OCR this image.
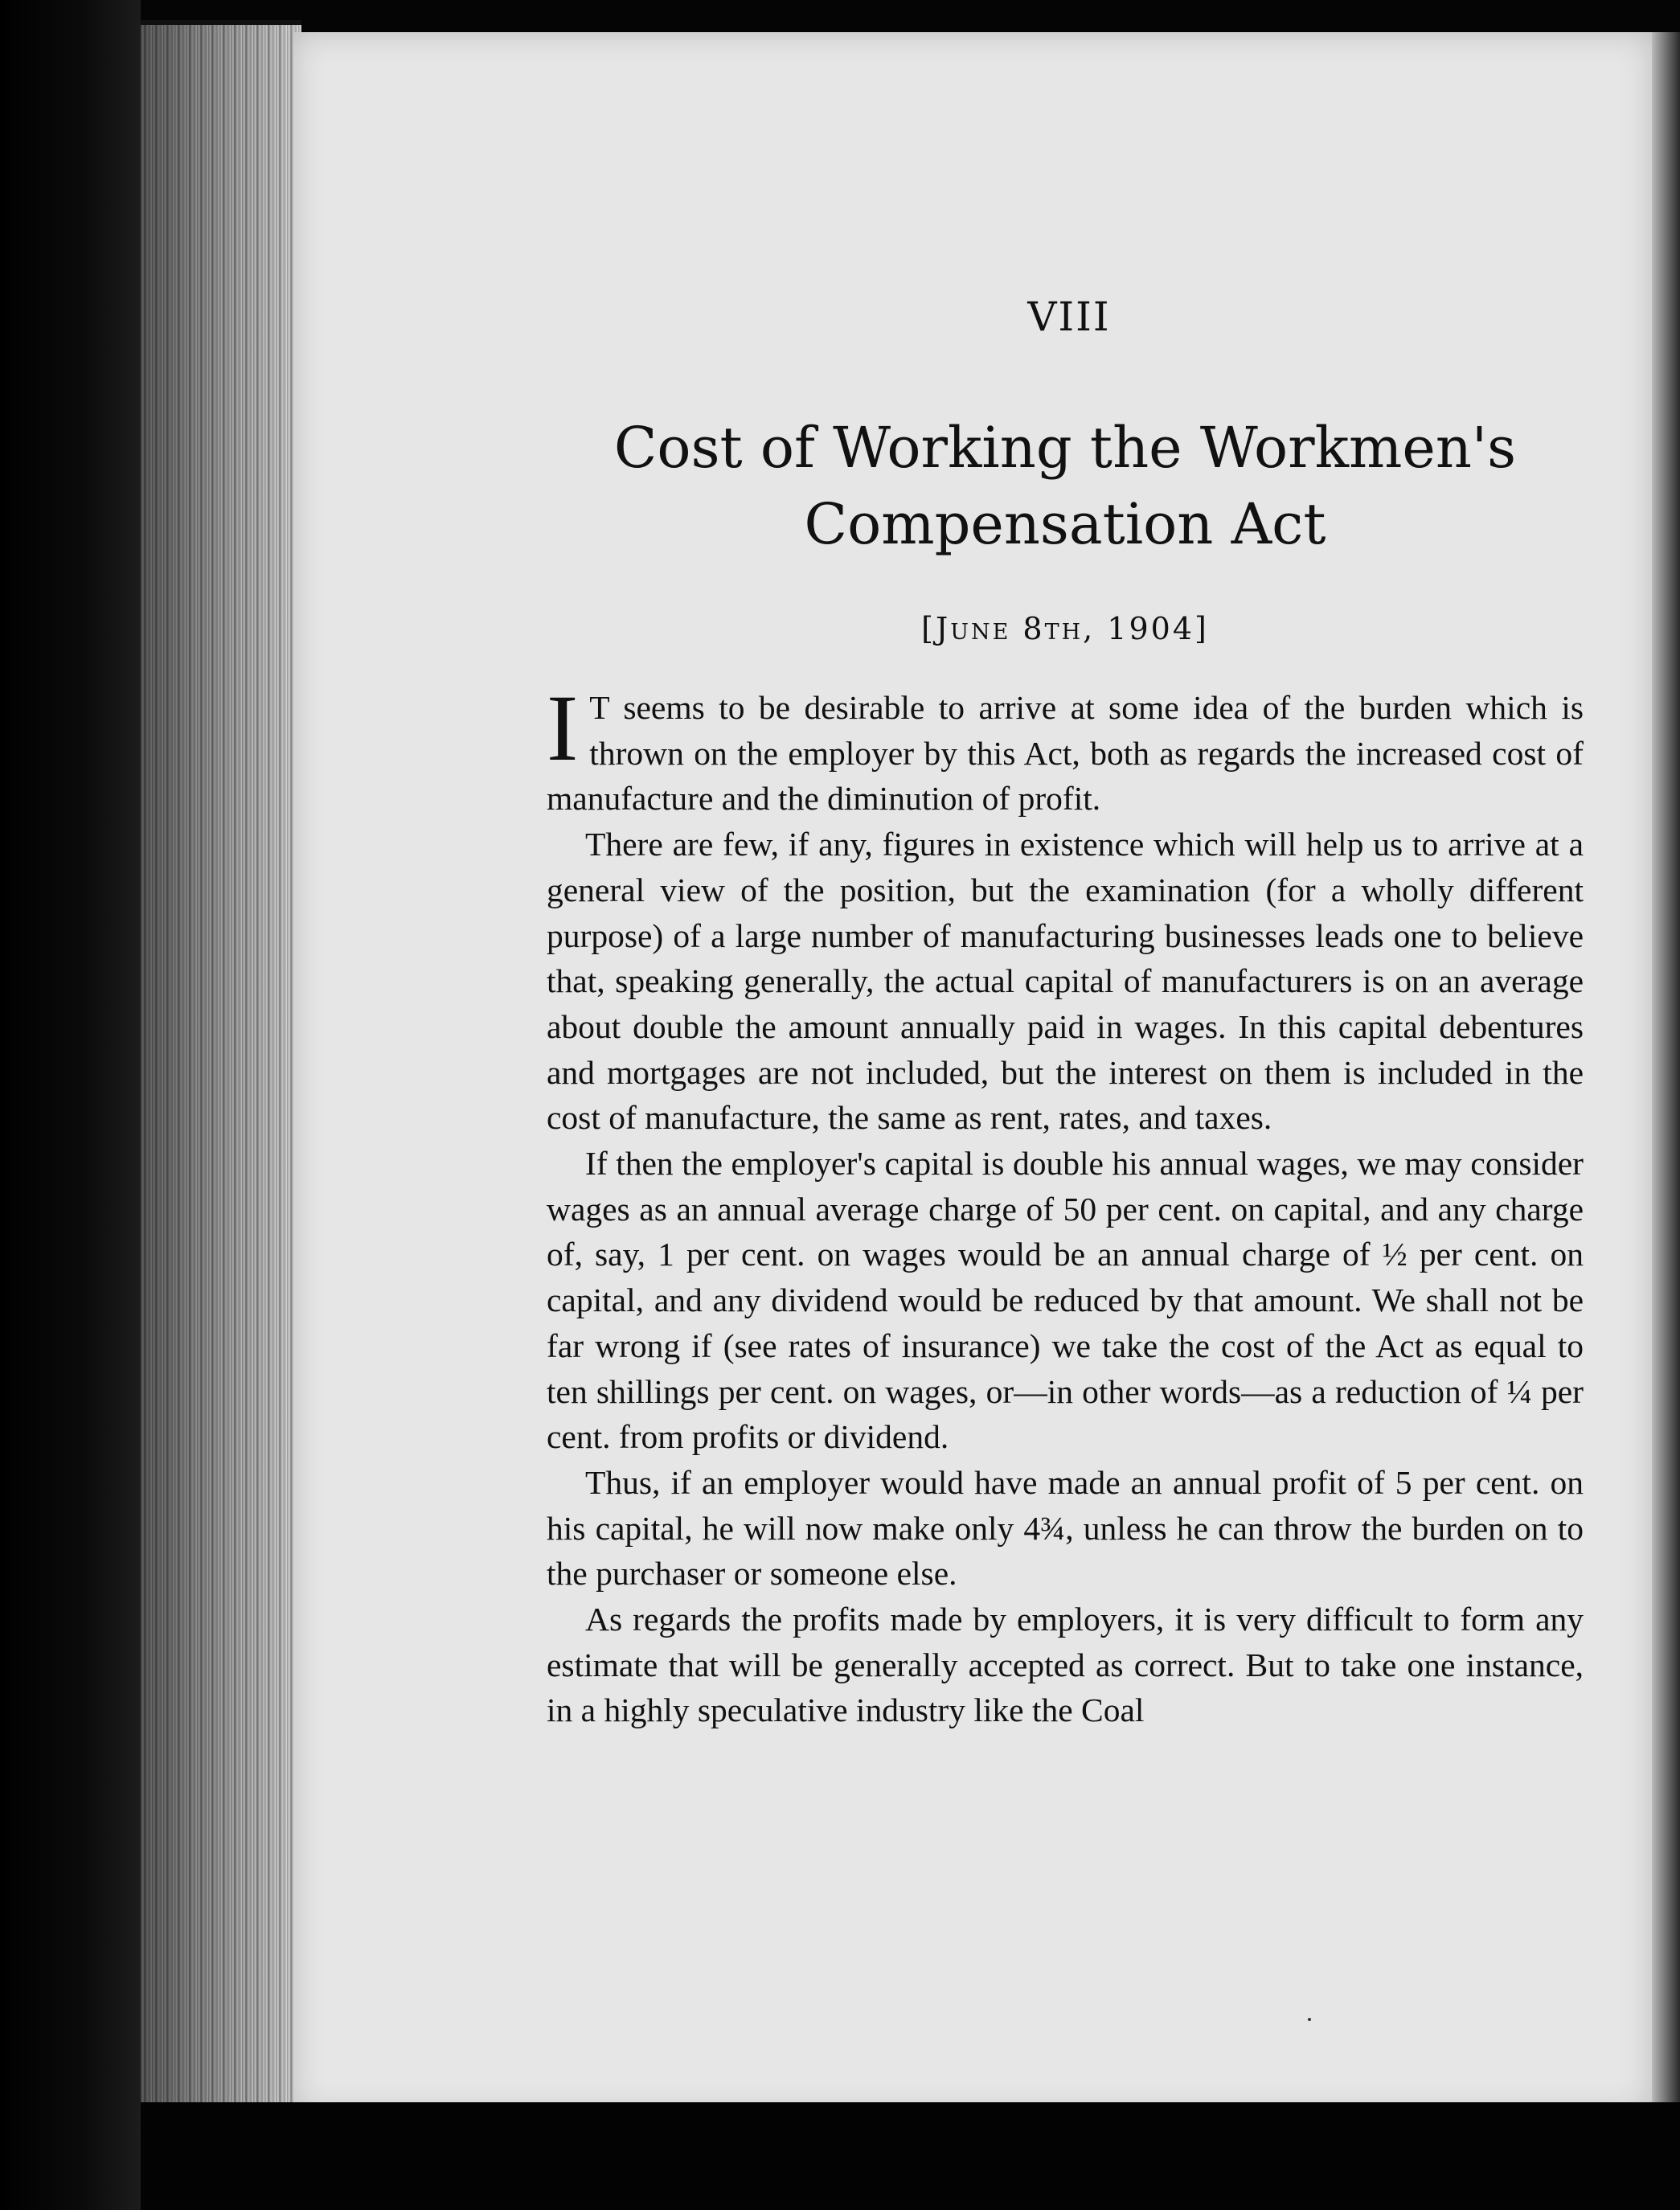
VIII
Cost of Working the Workmen's Compensation Act
[June 8th, 1904]

I T seems to be desirable to arrive at some idea of the burden which is thrown on the employer by this Act, both as regards the increased cost of manufacture and the diminution of profit.

There are few, if any, figures in existence which will help us to arrive at a general view of the position, but the examination (for a wholly different purpose) of a large number of manufacturing businesses leads one to believe that, speaking generally, the actual capital of manufacturers is on an average about double the amount annually paid in wages. In this capital debentures and mortgages are not included, but the interest on them is included in the cost of manufacture, the same as rent, rates, and taxes.

If then the employer's capital is double his annual wages, we may consider wages as an annual average charge of 50 per cent. on capital, and any charge of, say, 1 per cent. on wages would be an annual charge of ½ per cent. on capital, and any dividend would be reduced by that amount. We shall not be far wrong if (see rates of insurance) we take the cost of the Act as equal to ten shillings per cent. on wages, or—in other words—as a reduction of ¼ per cent. from profits or dividend.

Thus, if an employer would have made an annual profit of 5 per cent. on his capital, he will now make only 4¾, unless he can throw the burden on to the purchaser or someone else.

As regards the profits made by employers, it is very difficult to form any estimate that will be generally accepted as correct. But to take one instance, in a highly speculative industry like the Coal
